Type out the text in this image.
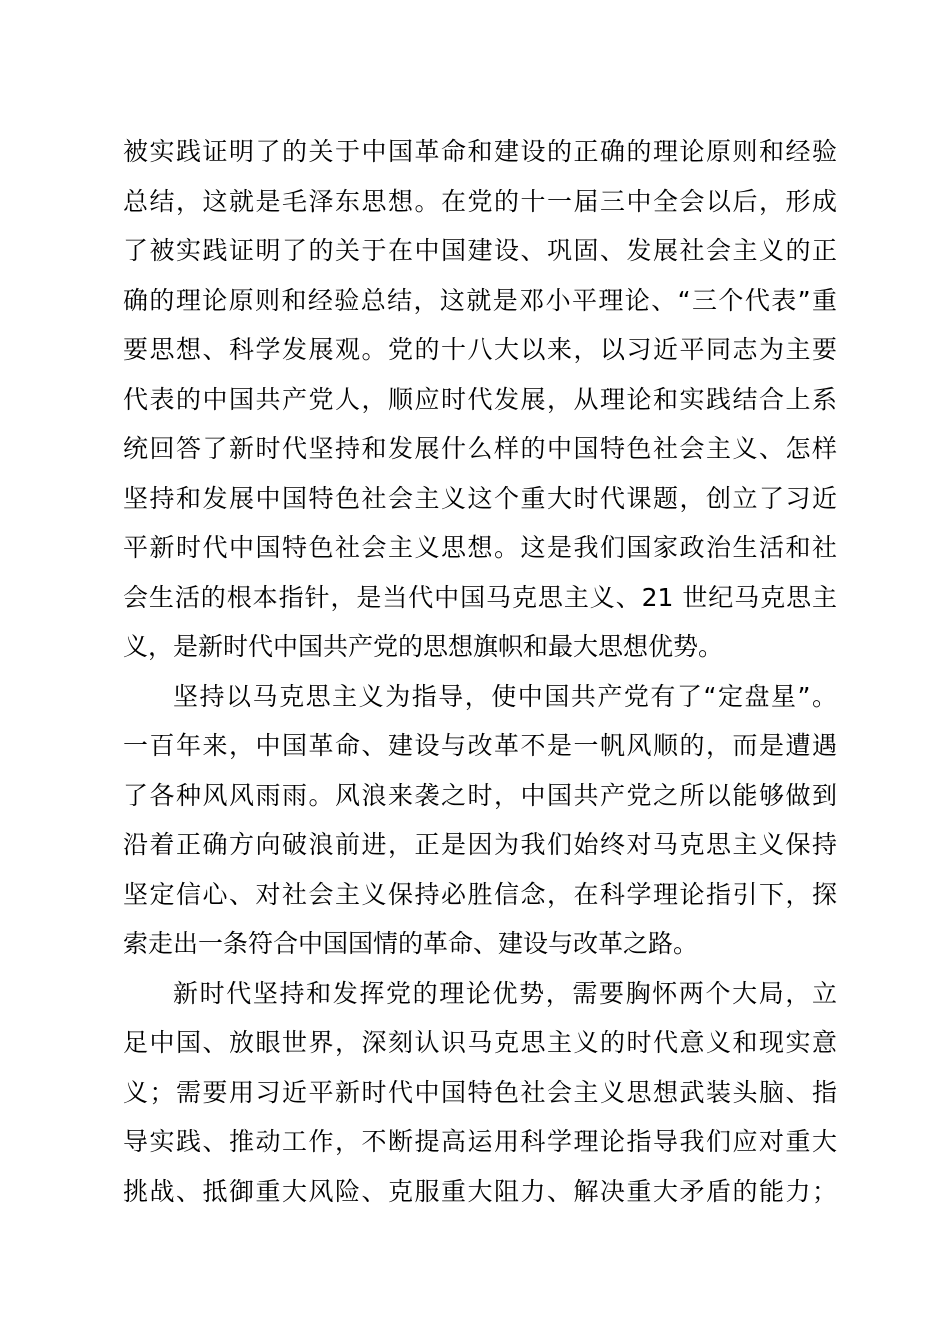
被实践证明了的关于中国革命和建设的正确的理论原则和经验
总结，这就是毛泽东思想。在党的十一届三中全会以后，形成
了被实践证明了的关于在中国建设、巩固、发展社会主义的正
确的理论原则和经验总结，这就是邓小平理论、“三个代表”重
要思想、科学发展观。党的十八大以来，以习近平同志为主要
代表的中国共产党人，顺应时代发展，从理论和实践结合上系
统回答了新时代坚持和发展什么样的中国特色社会主义、怎样
坚持和发展中国特色社会主义这个重大时代课题，创立了习近
平新时代中国特色社会主义思想。这是我们国家政治生活和社
会生活的根本指针，是当代中国马克思主义、21 世纪马克思主
义，是新时代中国共产党的思想旗帜和最大思想优势。
坚持以马克思主义为指导，使中国共产党有了“定盘星”。
一百年来，中国革命、建设与改革不是一帆风顺的，而是遭遇
了各种风风雨雨。风浪来袭之时，中国共产党之所以能够做到
沿着正确方向破浪前进，正是因为我们始终对马克思主义保持
坚定信心、对社会主义保持必胜信念，在科学理论指引下，探
索走出一条符合中国国情的革命、建设与改革之路。
新时代坚持和发挥党的理论优势，需要胸怀两个大局，立
足中国、放眼世界，深刻认识马克思主义的时代意义和现实意
义；需要用习近平新时代中国特色社会主义思想武装头脑、指
导实践、推动工作，不断提高运用科学理论指导我们应对重大
挑战、抵御重大风险、克服重大阻力、解决重大矛盾的能力；
